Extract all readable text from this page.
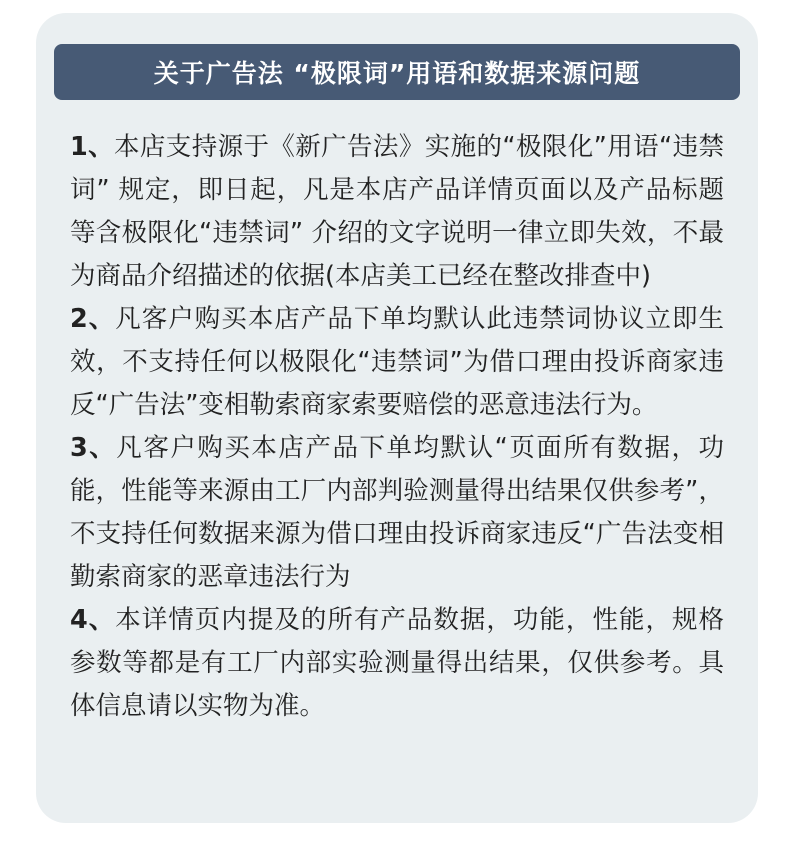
关于广告法 “极限词”用语和数据来源问题

1、本店支持源于《新广告法》实施的“极限化”用语“违禁词” 规定，即日起，凡是本店产品详情页面以及产品标题等含极限化“违禁词” 介绍的文字说明一律立即失效，不最为商品介绍描述的依据(本店美工已经在整改排查中)

2、凡客户购买本店产品下单均默认此违禁词协议立即生效，不支持任何以极限化“违禁词”为借口理由投诉商家违反“广告法”变相勒索商家索要赔偿的恶意违法行为。

3、凡客户购买本店产品下单均默认“页面所有数据，功能，性能等来源由工厂内部判验测量得出结果仅供参考”，不支持任何数据来源为借口理由投诉商家违反“广告法变相勤索商家的恶章违法行为

4、本详情页内提及的所有产品数据，功能，性能，规格参数等都是有工厂内部实验测量得出结果，仅供参考。具体信息请以实物为准。
